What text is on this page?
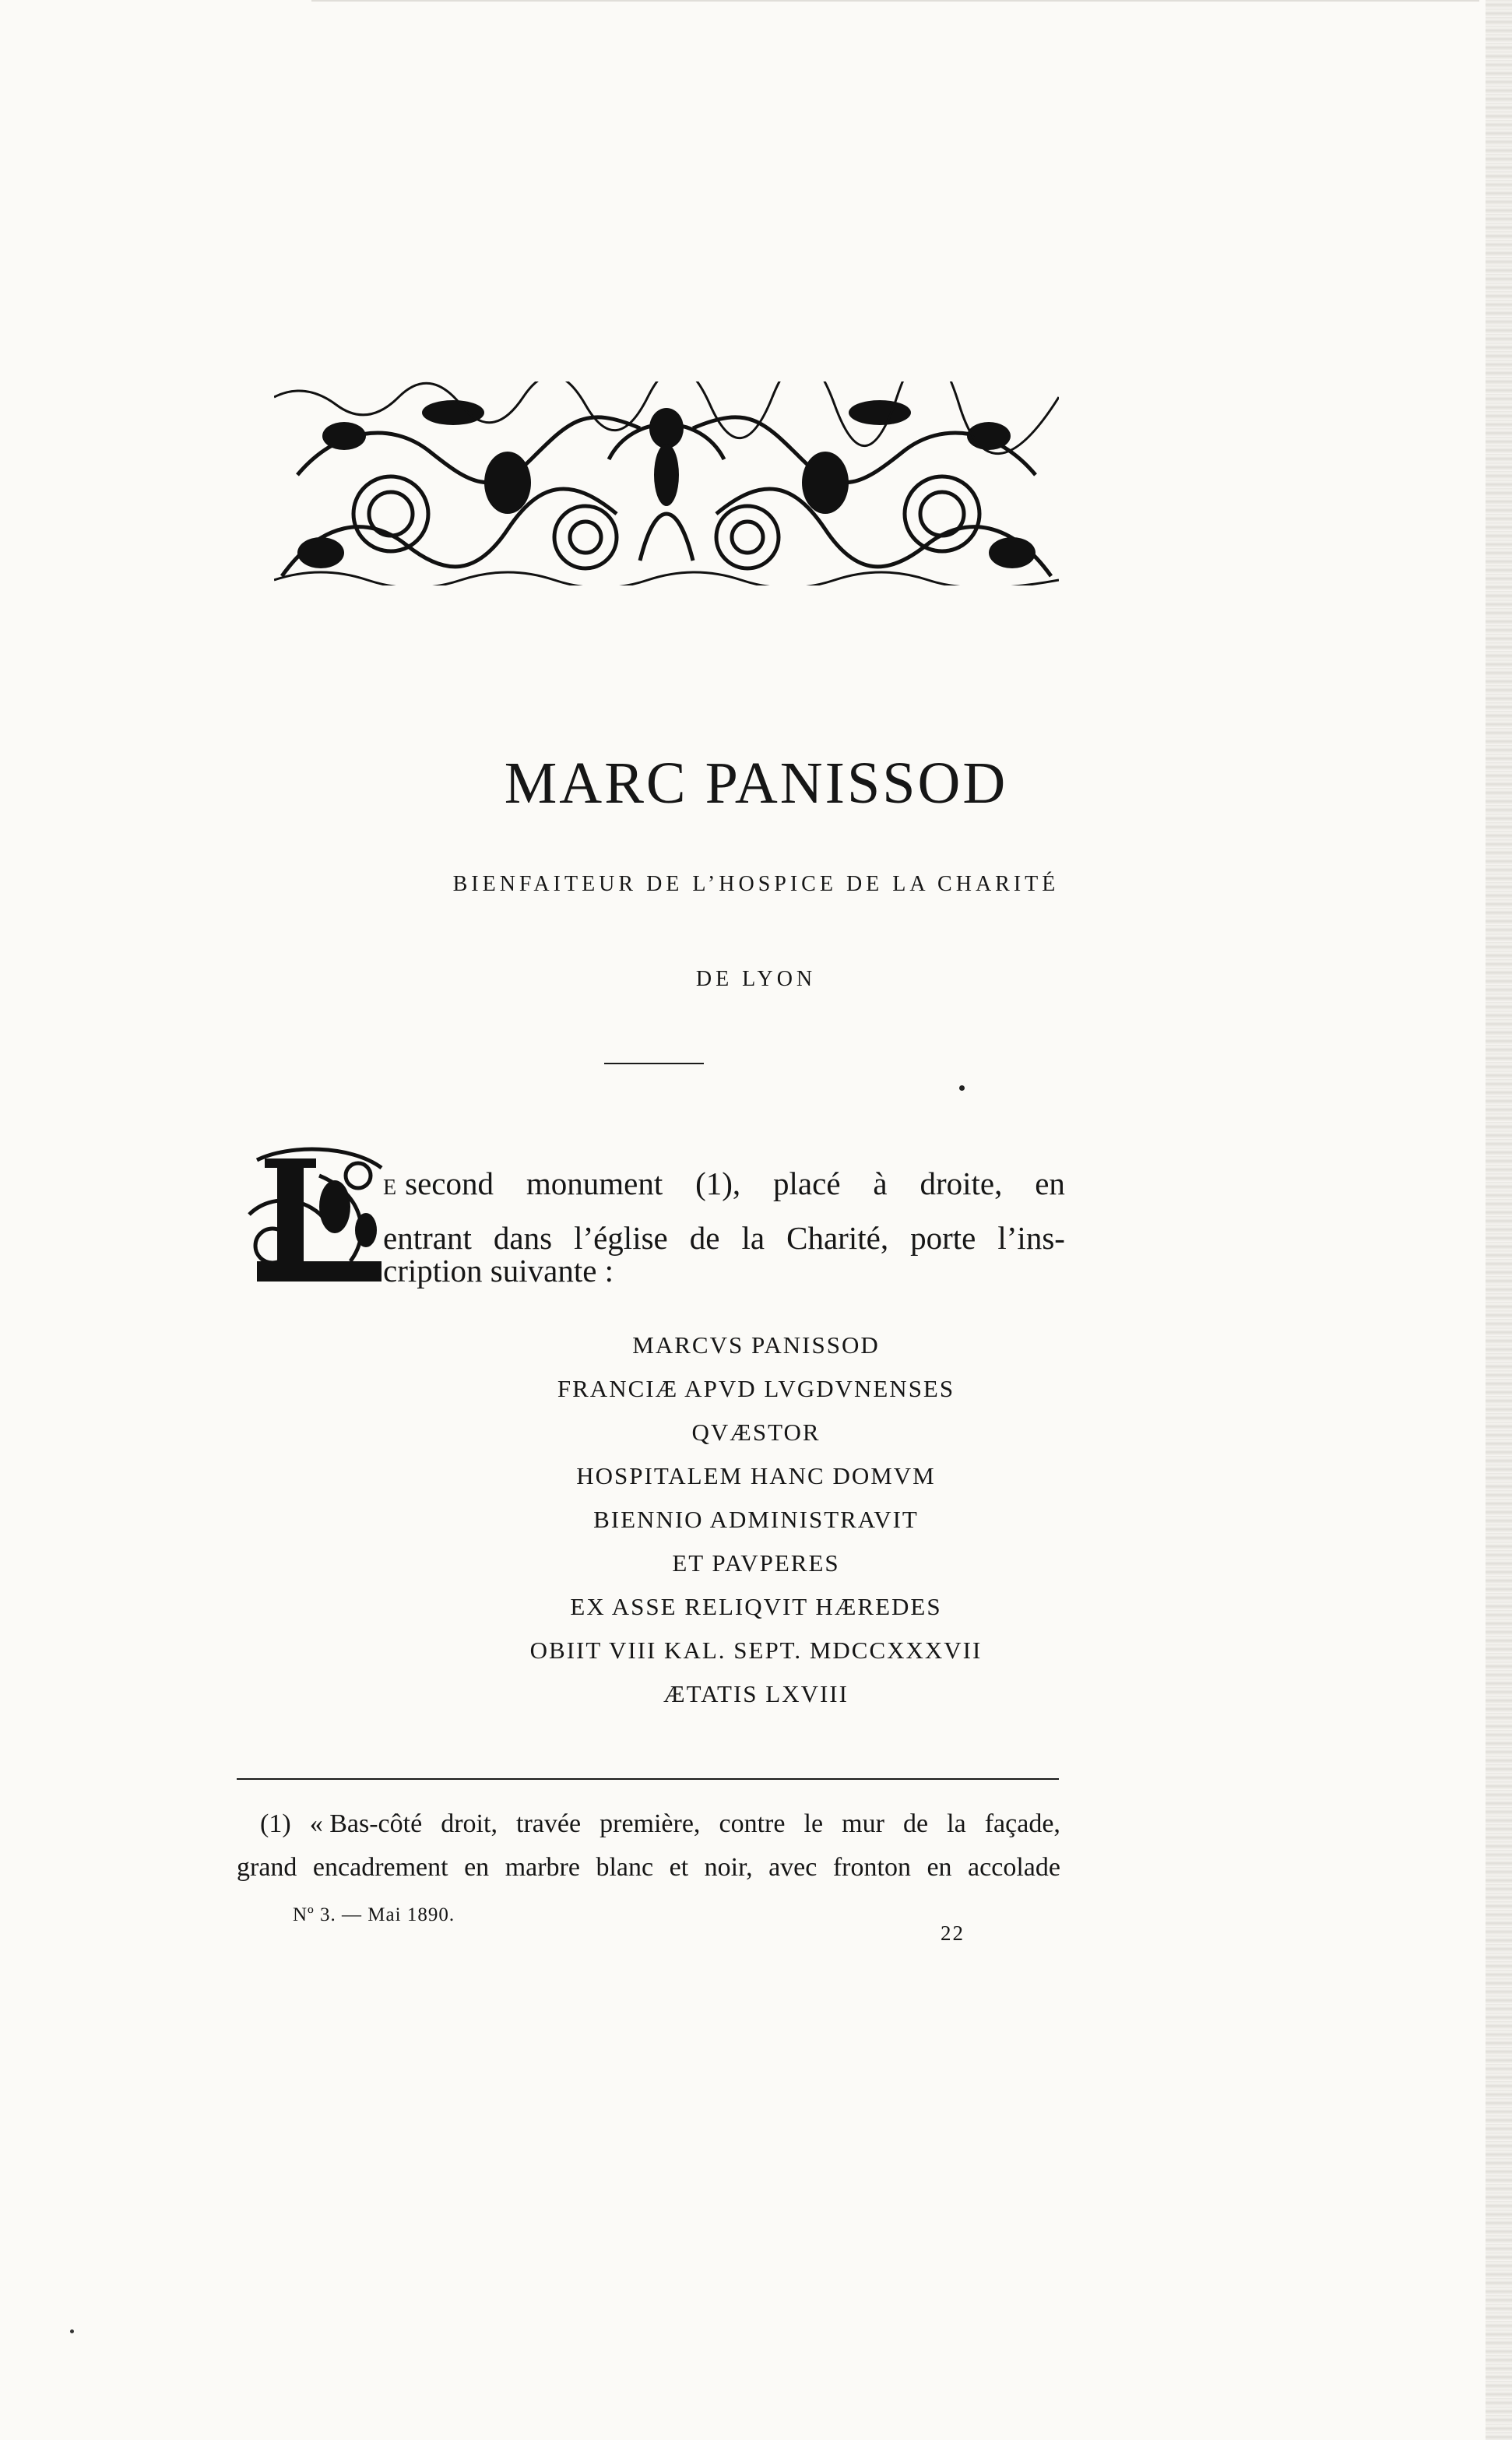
MARC PANISSOD
BIENFAITEUR DE L’HOSPICE DE LA CHARITÉ
DE LYON
E second monument (1), placé à droite, en
entrant dans l’église de la Charité, porte l’ins-
cription suivante :
MARCVS PANISSOD
FRANCIÆ APVD LVGDVNENSES
QVÆSTOR
HOSPITALEM HANC DOMVM
BIENNIO ADMINISTRAVIT
ET PAVPERES
EX ASSE RELIQVIT HÆREDES
OBIIT VIII KAL. SEPT. MDCCXXXVII
ÆTATIS LXVIII
(1) « Bas-côté droit, travée première, contre le mur de la façade,
grand encadrement en marbre blanc et noir, avec fronton en accolade
Nº 3. — Mai 1890.
22
